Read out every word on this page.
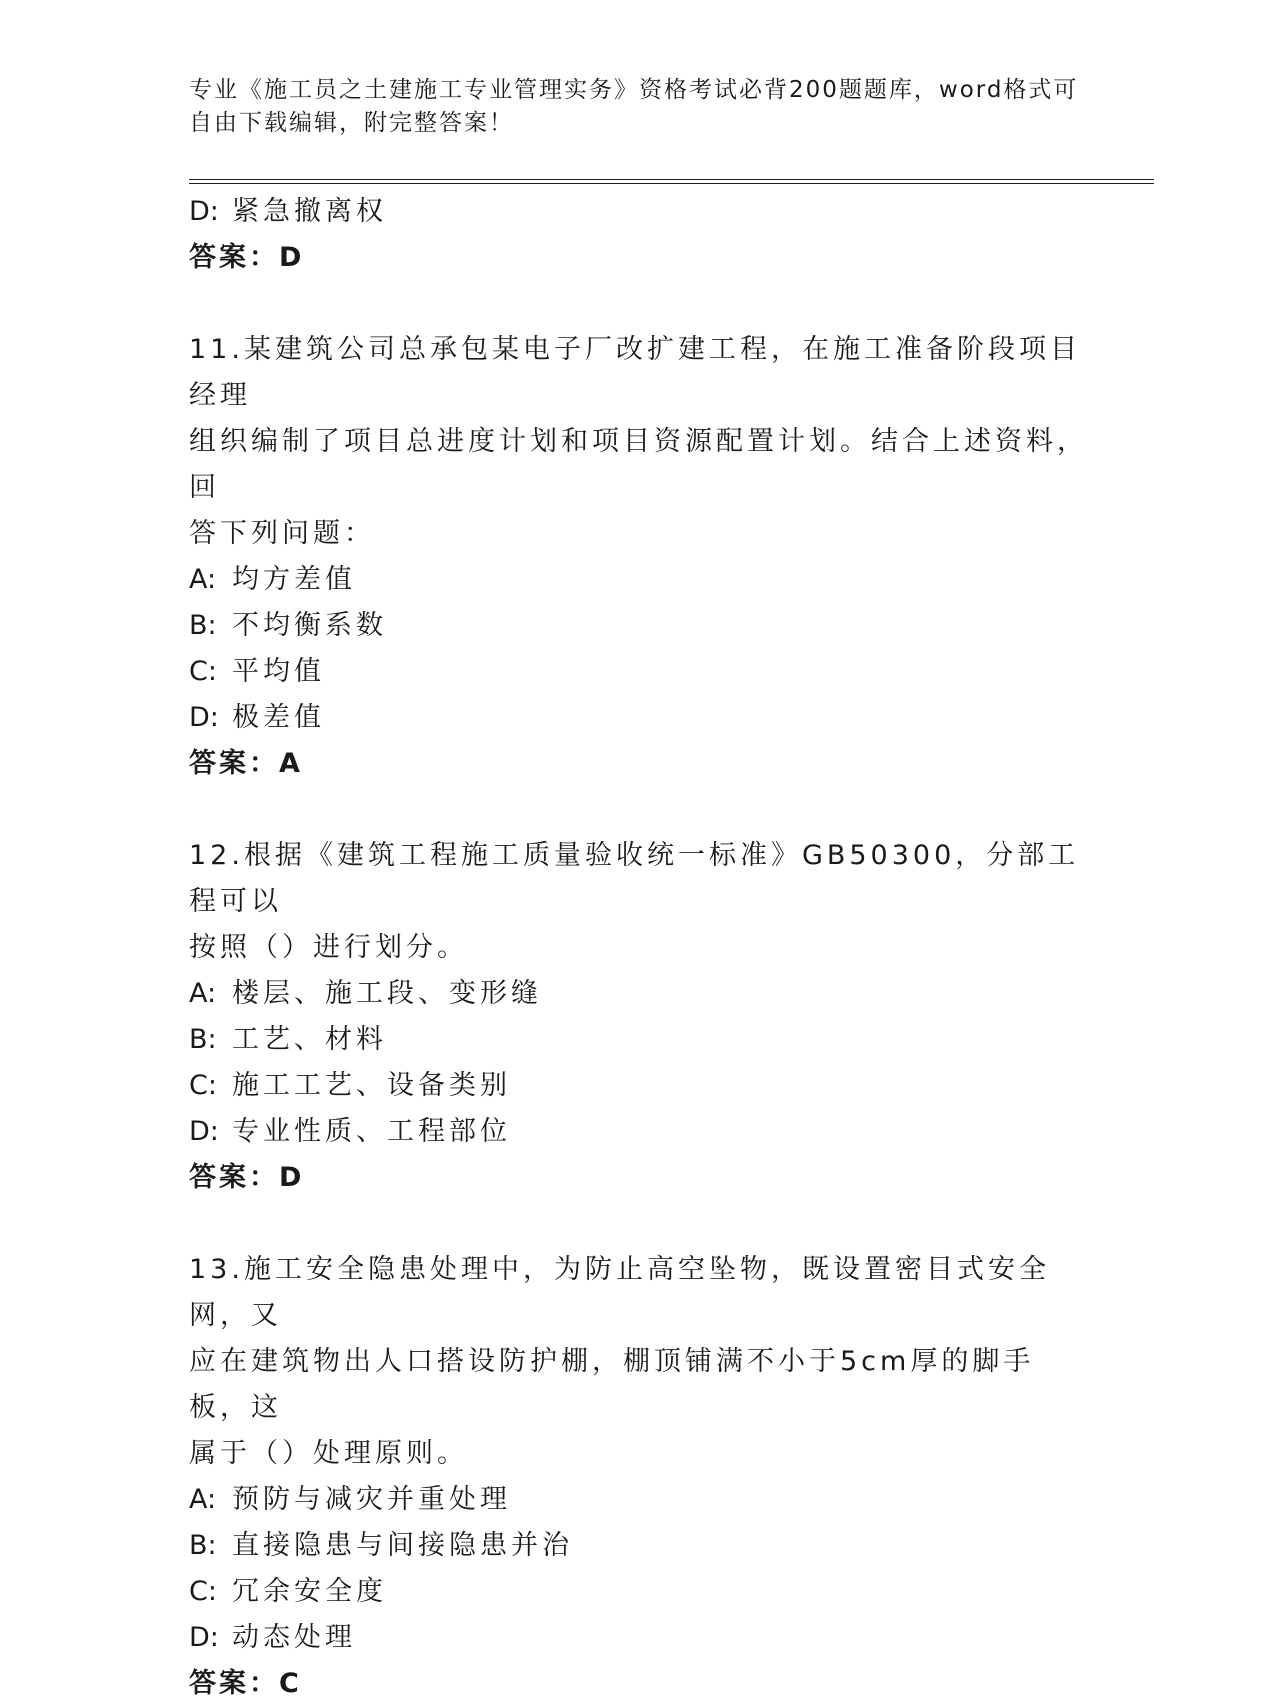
专业《施工员之土建施工专业管理实务》资格考试必背200题题库，word格式可
自由下载编辑，附完整答案！
D: 紧急撤离权
答案：D
11.某建筑公司总承包某电子厂改扩建工程，在施工准备阶段项目经理
组织编制了项目总进度计划和项目资源配置计划。结合上述资料，回
答下列问题：
A: 均方差值
B: 不均衡系数
C: 平均值
D: 极差值
答案：A
12.根据《建筑工程施工质量验收统一标准》GB50300，分部工程可以
按照（）进行划分。
A: 楼层、施工段、变形缝
B: 工艺、材料
C: 施工工艺、设备类别
D: 专业性质、工程部位
答案：D
13.施工安全隐患处理中，为防止高空坠物，既设置密目式安全网，又
应在建筑物出人口搭设防护棚，棚顶铺满不小于5cm厚的脚手板，这
属于（）处理原则。
A: 预防与减灾并重处理
B: 直接隐患与间接隐患并治
C: 冗余安全度
D: 动态处理
答案：C
